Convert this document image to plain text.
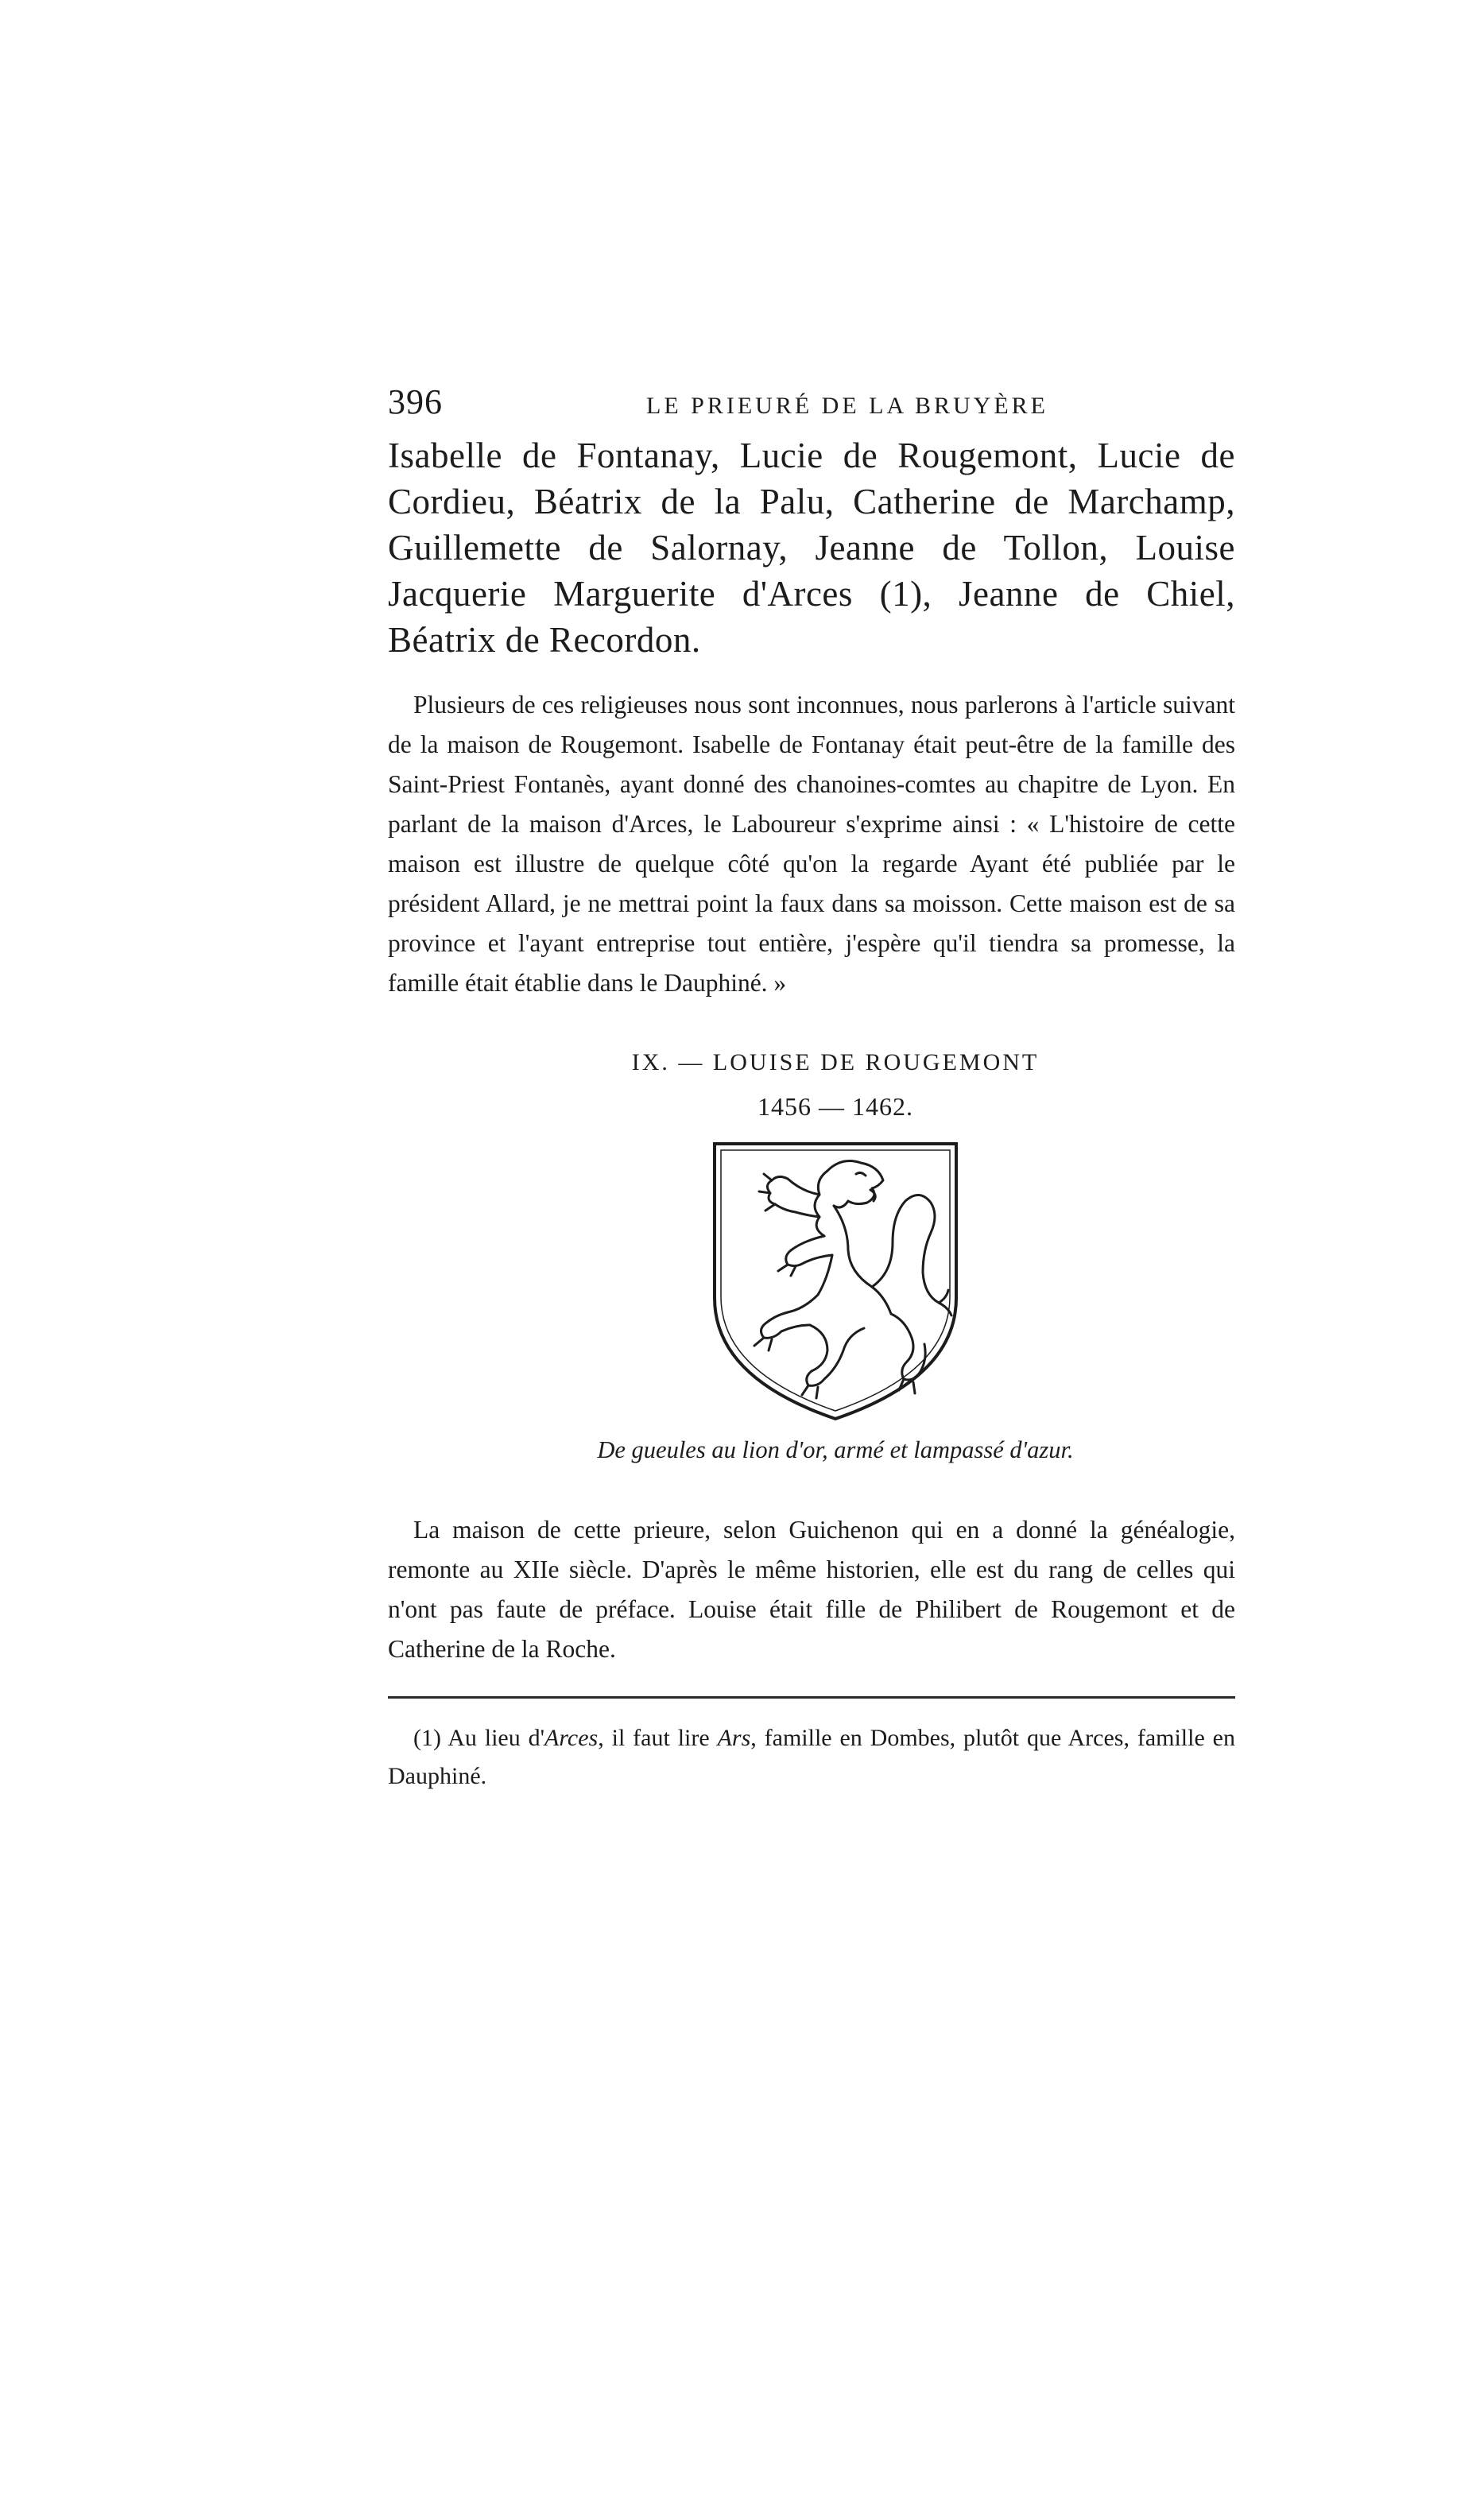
396	LE PRIEURÉ DE LA BRUYÈRE

Isabelle de Fontanay, Lucie de Rougemont, Lucie de Cordieu, Béatrix de la Palu, Catherine de Marchamp, Guillemette de Salornay, Jeanne de Tollon, Louise Jacquerie Marguerite d'Arces (1), Jeanne de Chiel, Béatrix de Recordon.

Plusieurs de ces religieuses nous sont inconnues, nous parlerons à l'article suivant de la maison de Rougemont. Isabelle de Fontanay était peut-être de la famille des Saint-Priest Fontanès, ayant donné des chanoines-comtes au chapitre de Lyon. En parlant de la maison d'Arces, le Laboureur s'exprime ainsi : « L'histoire de cette maison est illustre de quelque côté qu'on la regarde Ayant été publiée par le président Allard, je ne mettrai point la faux dans sa moisson. Cette maison est de sa province et l'ayant entreprise tout entière, j'espère qu'il tiendra sa promesse, la famille était établie dans le Dauphiné. »

IX. — LOUISE DE ROUGEMONT
1456 — 1462.
De gueules au lion d'or, armé et lampassé d'azur.

La maison de cette prieure, selon Guichenon qui en a donné la généalogie, remonte au XIIe siècle. D'après le même historien, elle est du rang de celles qui n'ont pas faute de préface. Louise était fille de Philibert de Rougemont et de Catherine de la Roche.

(1) Au lieu d'Arces, il faut lire Ars, famille en Dombes, plutôt que Arces, famille en Dauphiné.
